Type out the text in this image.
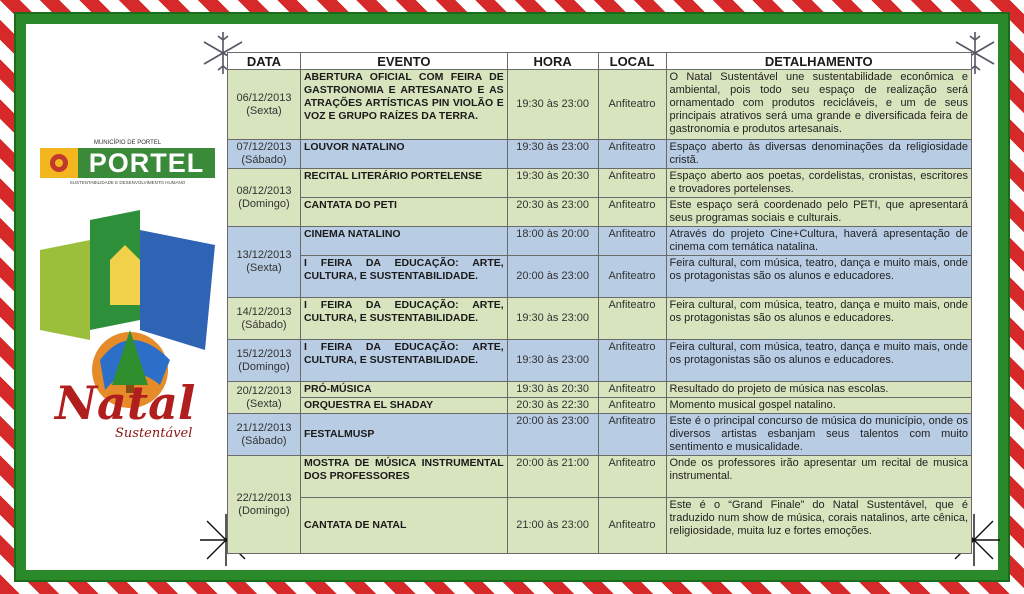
MUNICÍPIO DE PORTEL
PORTEL
SUSTENTABILIDADE E DESENVOLVIMENTO HUMANO
Natal
Sustentável
DATA	EVENTO	HORA	LOCAL	DETALHAMENTO
06/12/2013 (Sexta)	ABERTURA OFICIAL COM FEIRA DE GASTRONOMIA E ARTESANATO E AS ATRAÇÕES ARTÍSTICAS PIN VIOLÃO E VOZ E GRUPO RAÍZES DA TERRA.	19:30 às 23:00	Anfiteatro	O Natal Sustentável une sustentabilidade econômica e ambiental, pois todo seu espaço de realização será ornamentado com produtos recicláveis, e um de seus principais atrativos será uma grande e diversificada feira de gastronomia e produtos artesanais.
07/12/2013 (Sábado)	LOUVOR NATALINO	19:30 às 23:00	Anfiteatro	Espaço aberto às diversas denominações da religiosidade cristã.
08/12/2013 (Domingo)	RECITAL LITERÁRIO PORTELENSE	19:30 às 20:30	Anfiteatro	Espaço aberto aos poetas, cordelistas, cronistas, escritores e trovadores portelenses.
	CANTATA DO PETI	20:30 às 23:00	Anfiteatro	Este espaço será coordenado pelo PETI, que apresentará seus programas sociais e culturais.
13/12/2013 (Sexta)	CINEMA NATALINO	18:00 às 20:00	Anfiteatro	Através do projeto Cine+Cultura, haverá apresentação de cinema com temática natalina.
	I FEIRA DA EDUCAÇÃO: ARTE, CULTURA, E SUSTENTABILIDADE.	20:00 às 23:00	Anfiteatro	Feira cultural, com música, teatro, dança e muito mais, onde os protagonistas são os alunos e educadores.
14/12/2013 (Sábado)	I FEIRA DA EDUCAÇÃO: ARTE, CULTURA, E SUSTENTABILIDADE.	19:30 às 23:00	Anfiteatro	Feira cultural, com música, teatro, dança e muito mais, onde os protagonistas são os alunos e educadores.
15/12/2013 (Domingo)	I FEIRA DA EDUCAÇÃO: ARTE, CULTURA, E SUSTENTABILIDADE.	19:30 às 23:00	Anfiteatro	Feira cultural, com música, teatro, dança e muito mais, onde os protagonistas são os alunos e educadores.
20/12/2013 (Sexta)	PRÓ-MÚSICA	19:30 às 20:30	Anfiteatro	Resultado do projeto de música nas escolas.
	ORQUESTRA EL SHADAY	20:30 às 22:30	Anfiteatro	Momento musical gospel natalino.
21/12/2013 (Sábado)	FESTALMUSP	20:00 às 23:00	Anfiteatro	Este é o principal concurso de música do município, onde os diversos artistas esbanjam seus talentos com muito sentimento e musicalidade.
22/12/2013 (Domingo)	MOSTRA DE MÚSICA INSTRUMENTAL DOS PROFESSORES	20:00 às 21:00	Anfiteatro	Onde os professores irão apresentar um recital de musica instrumental.
	CANTATA DE NATAL	21:00 às 23:00	Anfiteatro	Este é o “Grand Finale” do Natal Sustentável, que é traduzido num show de música, corais natalinos, arte cênica, religiosidade, muita luz e fortes emoções.
